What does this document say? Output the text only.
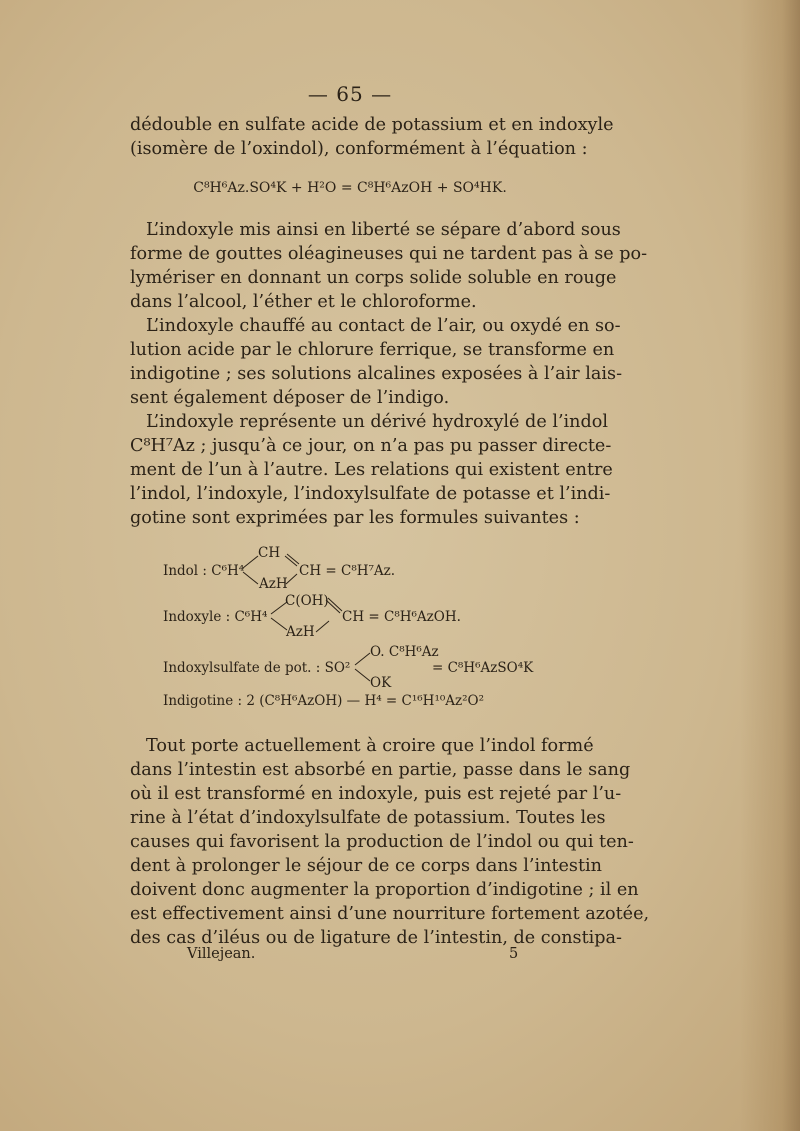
— 65 —
dédouble en sulfate acide de potassium et en indoxyle
(isomère de l’oxindol), conformément à l’équation :
C⁸H⁶Az.SO⁴K + H²O = C⁸H⁶AzOH + SO⁴HK.
L’indoxyle mis ainsi en liberté se sépare d’abord sous
forme de gouttes oléagineuses qui ne tardent pas à se po-
lymériser en donnant un corps solide soluble en rouge
dans l’alcool, l’éther et le chloroforme.
L’indoxyle chauffé au contact de l’air, ou oxydé en so-
lution acide par le chlorure ferrique, se transforme en
indigotine ; ses solutions alcalines exposées à l’air lais-
sent également déposer de l’indigo.
L’indoxyle représente un dérivé hydroxylé de l’indol
C⁸H⁷Az ; jusqu’à ce jour, on n’a pas pu passer directe-
ment de l’un à l’autre. Les relations qui existent entre
l’indol, l’indoxyle, l’indoxylsulfate de potasse et l’indi-
gotine sont exprimées par les formules suivantes :
CH
Indol : C⁶H⁴	CH = C⁸H⁷Az.
AzH
C(OH)
Indoxyle : C⁶H⁴	CH = C⁸H⁶AzOH.
AzH
O. C⁸H⁶Az
Indoxylsulfate de pot. : SO²	= C⁸H⁶AzSO⁴K
OK
Indigotine : 2 (C⁸H⁶AzOH) — H⁴ = C¹⁶H¹⁰Az²O²
Tout porte actuellement à croire que l’indol formé
dans l’intestin est absorbé en partie, passe dans le sang
où il est transformé en indoxyle, puis est rejeté par l’u-
rine à l’état d’indoxylsulfate de potassium. Toutes les
causes qui favorisent la production de l’indol ou qui ten-
dent à prolonger le séjour de ce corps dans l’intestin
doivent donc augmenter la proportion d’indigotine ; il en
est effectivement ainsi d’une nourriture fortement azotée,
des cas d’iléus ou de ligature de l’intestin, de constipa-
Villejean.	5
